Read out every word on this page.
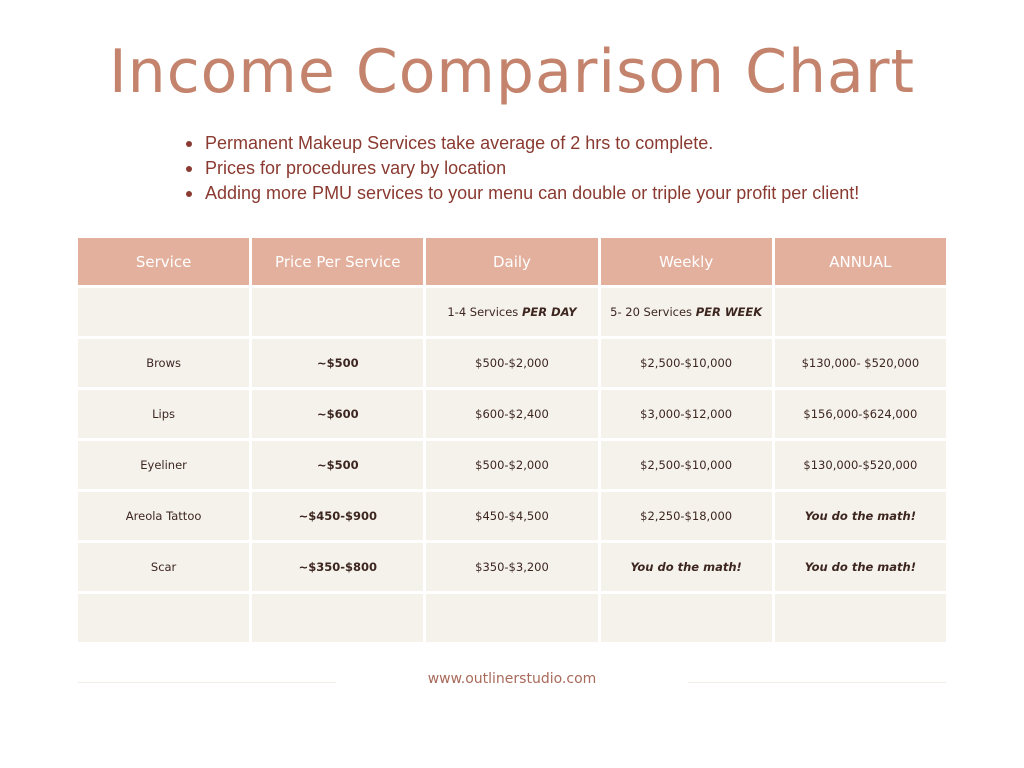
Income Comparison Chart
Permanent Makeup Services take average of 2 hrs to complete.
Prices for procedures vary by location
Adding more PMU services to your menu can double or triple your profit per client!
Service	Price Per Service	Daily	Weekly	ANNUAL
		1-4 Services PER DAY	5- 20 Services PER WEEK	
Brows	~$500	$500-$2,000	$2,500-$10,000	$130,000- $520,000
Lips	~$600	$600-$2,400	$3,000-$12,000	$156,000-$624,000
Eyeliner	~$500	$500-$2,000	$2,500-$10,000	$130,000-$520,000
Areola Tattoo	~$450-$900	$450-$4,500	$2,250-$18,000	You do the math!
Scar	~$350-$800	$350-$3,200	You do the math!	You do the math!

www.outlinerstudio.com
